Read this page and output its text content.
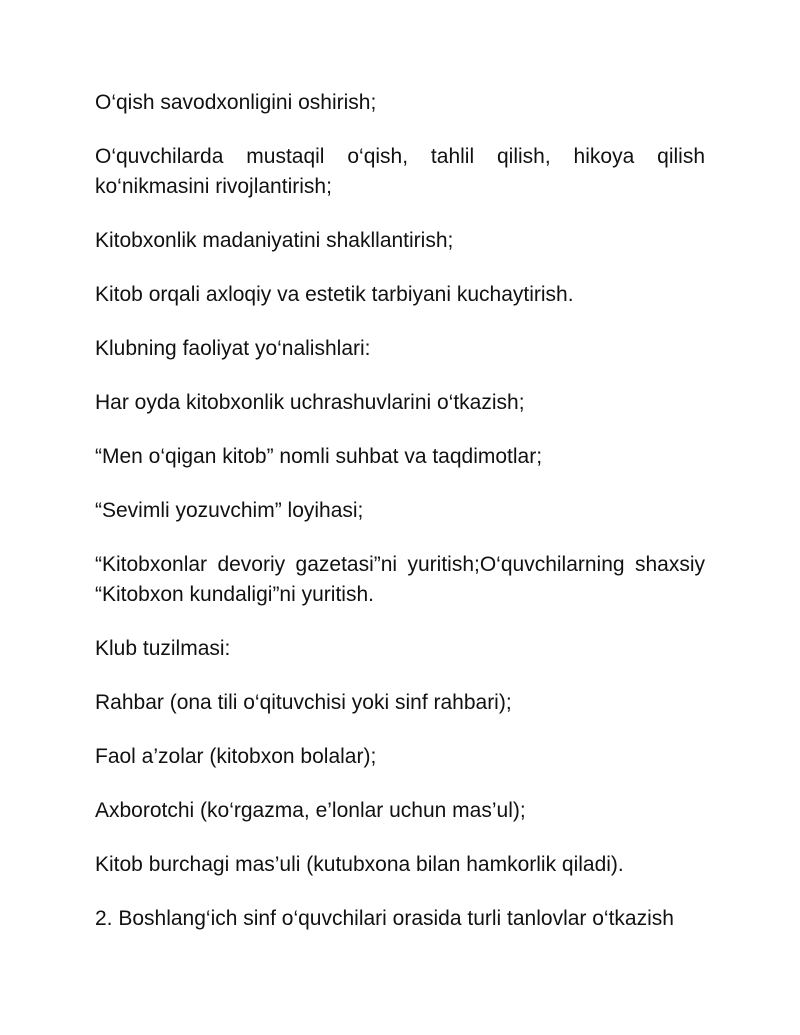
O‘qish savodxonligini oshirish;

O‘quvchilarda mustaqil o‘qish, tahlil qilish, hikoya qilish ko‘nikmasini rivojlantirish;

Kitobxonlik madaniyatini shakllantirish;

Kitob orqali axloqiy va estetik tarbiyani kuchaytirish.

Klubning faoliyat yo‘nalishlari:

Har oyda kitobxonlik uchrashuvlarini o‘tkazish;

“Men o‘qigan kitob” nomli suhbat va taqdimotlar;

“Sevimli yozuvchim” loyihasi;

“Kitobxonlar devoriy gazetasi”ni yuritish;O‘quvchilarning shaxsiy “Kitobxon kundaligi”ni yuritish.

Klub tuzilmasi:

Rahbar (ona tili o‘qituvchisi yoki sinf rahbari);

Faol a’zolar (kitobxon bolalar);

Axborotchi (ko‘rgazma, e’lonlar uchun mas’ul);

Kitob burchagi mas’uli (kutubxona bilan hamkorlik qiladi).

2. Boshlang‘ich sinf o‘quvchilari orasida turli tanlovlar o‘tkazish
